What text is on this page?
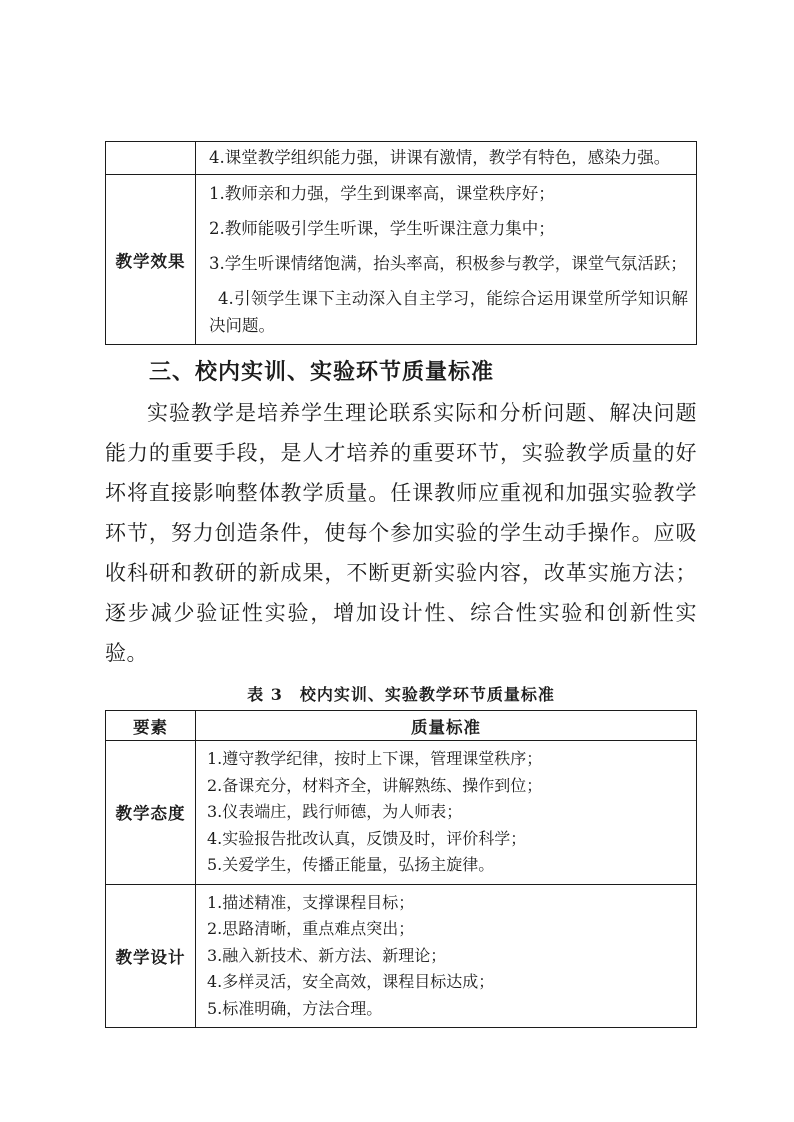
	4.课堂教学组织能力强，讲课有激情，教学有特色，感染力强。

教学效果	1.教师亲和力强，学生到课率高，课堂秩序好；
2.教师能吸引学生听课，学生听课注意力集中；
3.学生听课情绪饱满，抬头率高，积极参与教学，课堂气氛活跃；
4.引领学生课下主动深入自主学习，能综合运用课堂所学知识解决问题。
三、校内实训、实验环节质量标准

实验教学是培养学生理论联系实际和分析问题、解决问题能力的重要手段，是人才培养的重要环节，实验教学质量的好坏将直接影响整体教学质量。任课教师应重视和加强实验教学环节，努力创造条件，使每个参加实验的学生动手操作。应吸收科研和教研的新成果，不断更新实验内容，改革实施方法；逐步减少验证性实验，增加设计性、综合性实验和创新性实验。

表 3　校内实训、实验教学环节质量标准
要素	质量标准
教学态度	1.遵守教学纪律，按时上下课，管理课堂秩序；
2.备课充分，材料齐全，讲解熟练、操作到位；
3.仪表端庄，践行师德，为人师表；
4.实验报告批改认真，反馈及时，评价科学；
5.关爱学生，传播正能量，弘扬主旋律。

教学设计	1.描述精准，支撑课程目标；
2.思路清晰，重点难点突出；
3.融入新技术、新方法、新理论；
4.多样灵活，安全高效，课程目标达成；
5.标准明确，方法合理。
